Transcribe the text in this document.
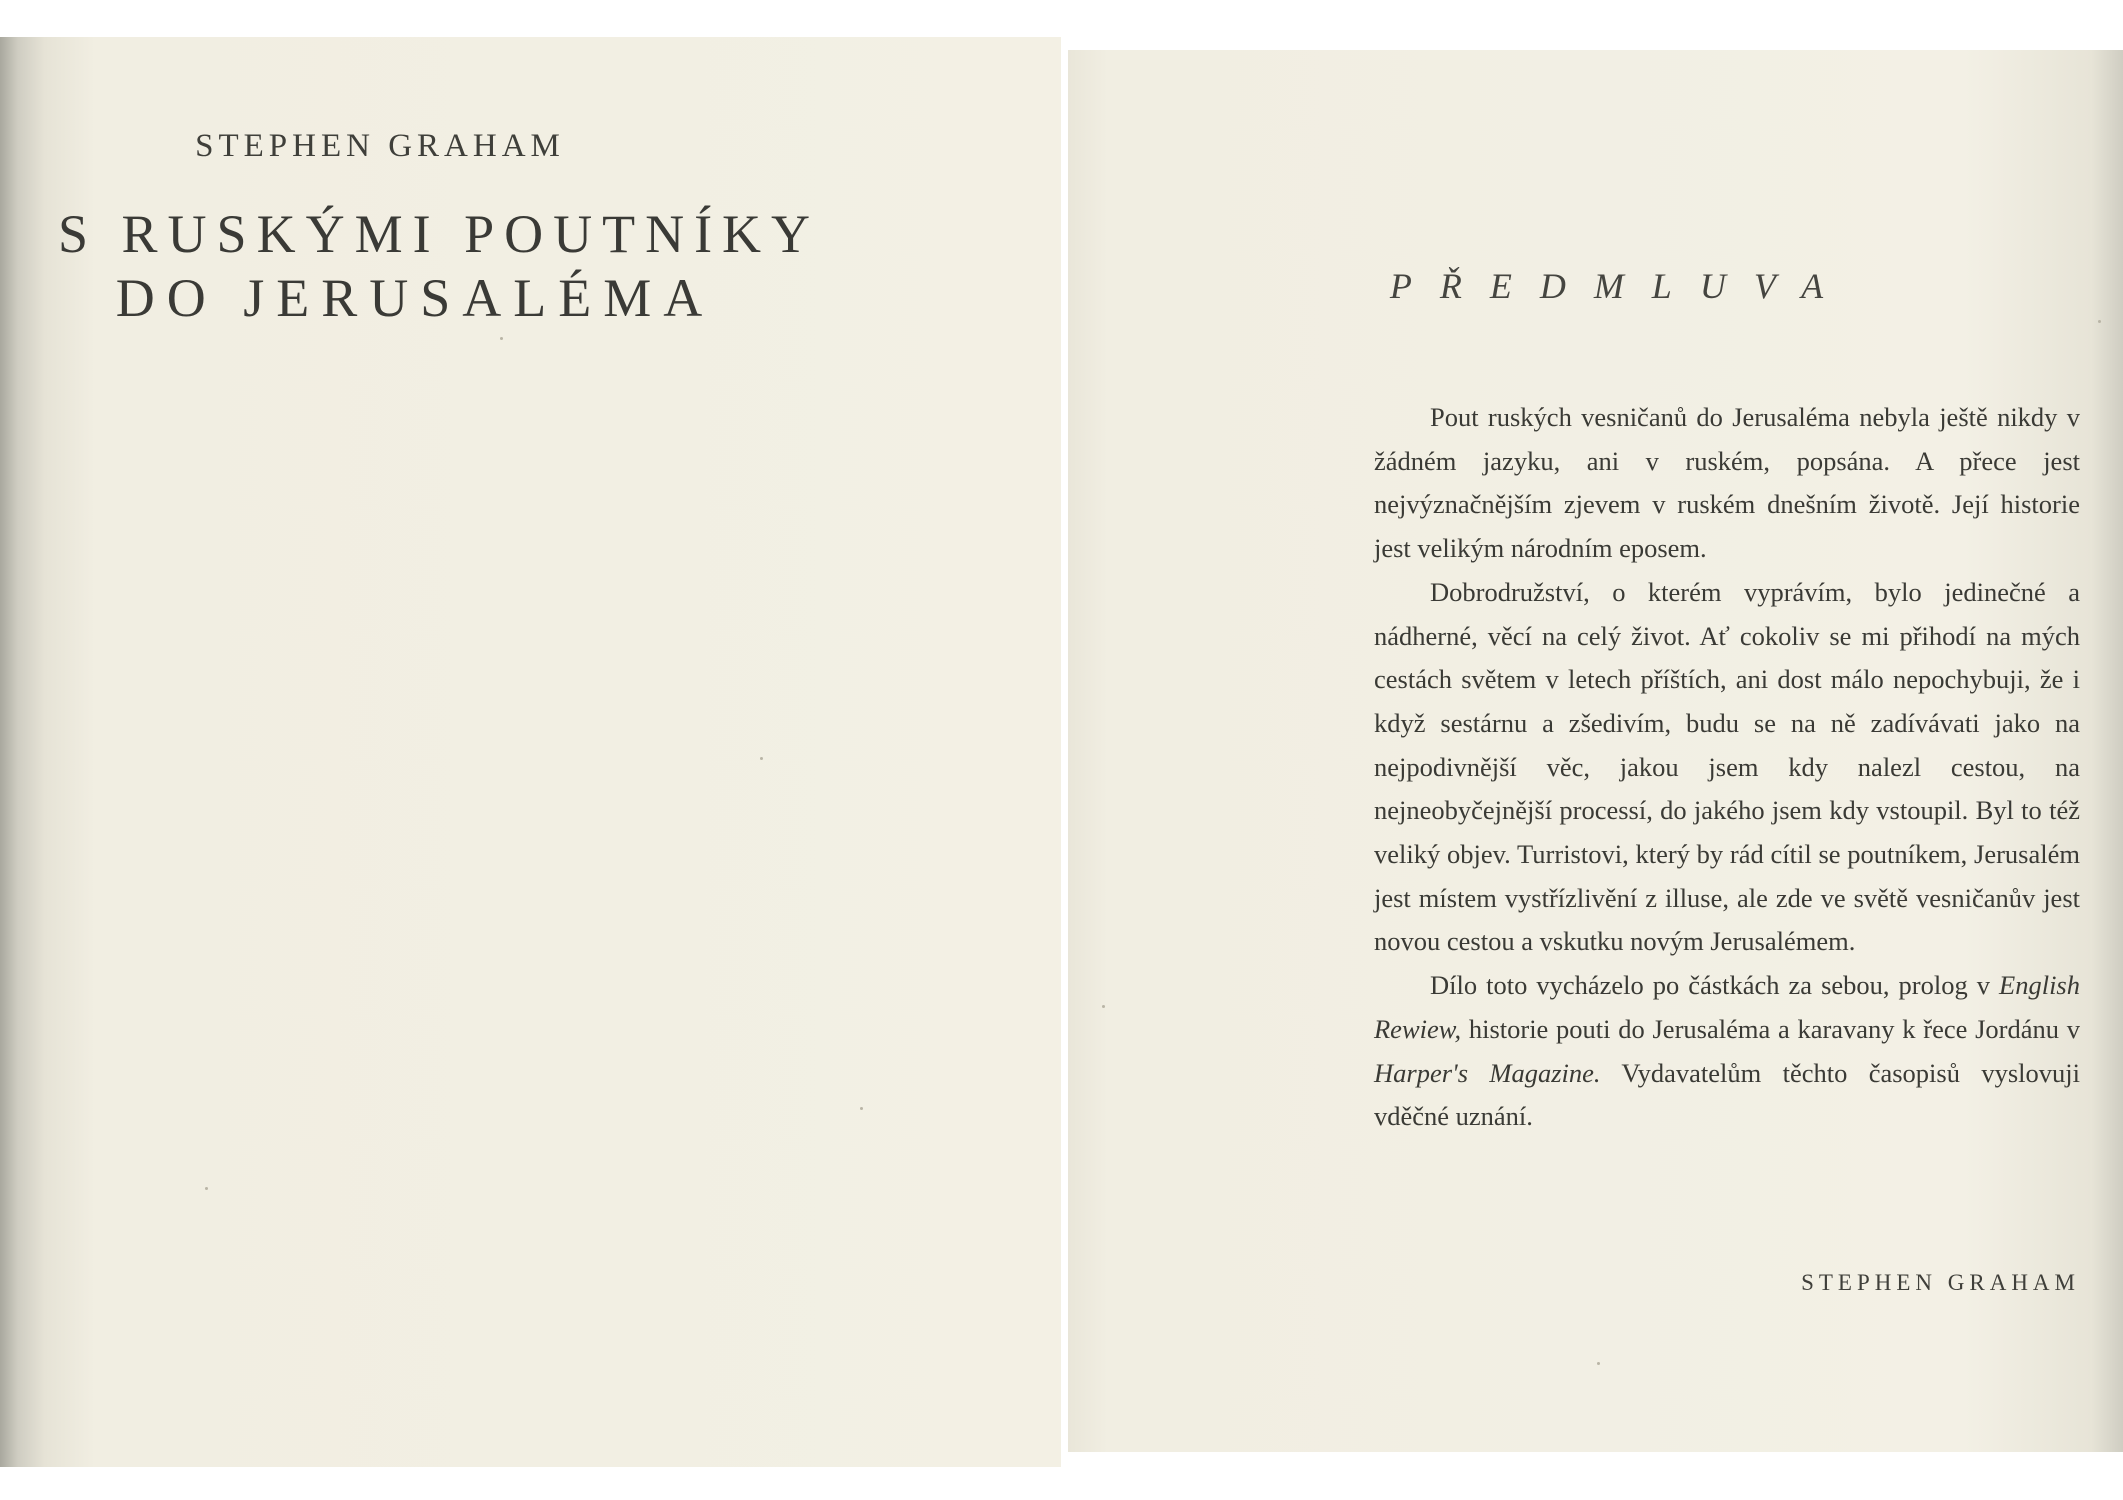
STEPHEN GRAHAM
S RUSKÝMI POUTNÍKY
DO JERUSALÉMA	PŘEDMLUVA

Pout ruských vesničanů do Jerusaléma nebyla ještě nikdy v žádném jazyku, ani v ruském, popsána. A přece jest nejvýznačnějším zjevem v ruském dnešním životě. Její historie jest velikým národním eposem.

Dobrodružství, o kterém vyprávím, bylo jedinečné a nádherné, věcí na celý život. Ať cokoliv se mi přihodí na mých cestách světem v letech příštích, ani dost málo nepochybuji, že i když sestárnu a zšedivím, budu se na ně zadívávati jako na nejpodivnější věc, jakou jsem kdy nalezl cestou, na nejneobyčejnější processí, do jakého jsem kdy vstoupil. Byl to též veliký objev. Turristovi, který by rád cítil se poutníkem, Jerusalém jest místem vystřízlivění z illuse, ale zde ve světě vesničanův jest novou cestou a vskutku novým Jerusalémem.

Dílo toto vycházelo po částkách za sebou, prolog v English Rewiew, historie pouti do Jerusaléma a karavany k řece Jordánu v Harper's Magazine. Vydavatelům těchto časopisů vyslovuji vděčné uznání.

STEPHEN GRAHAM
